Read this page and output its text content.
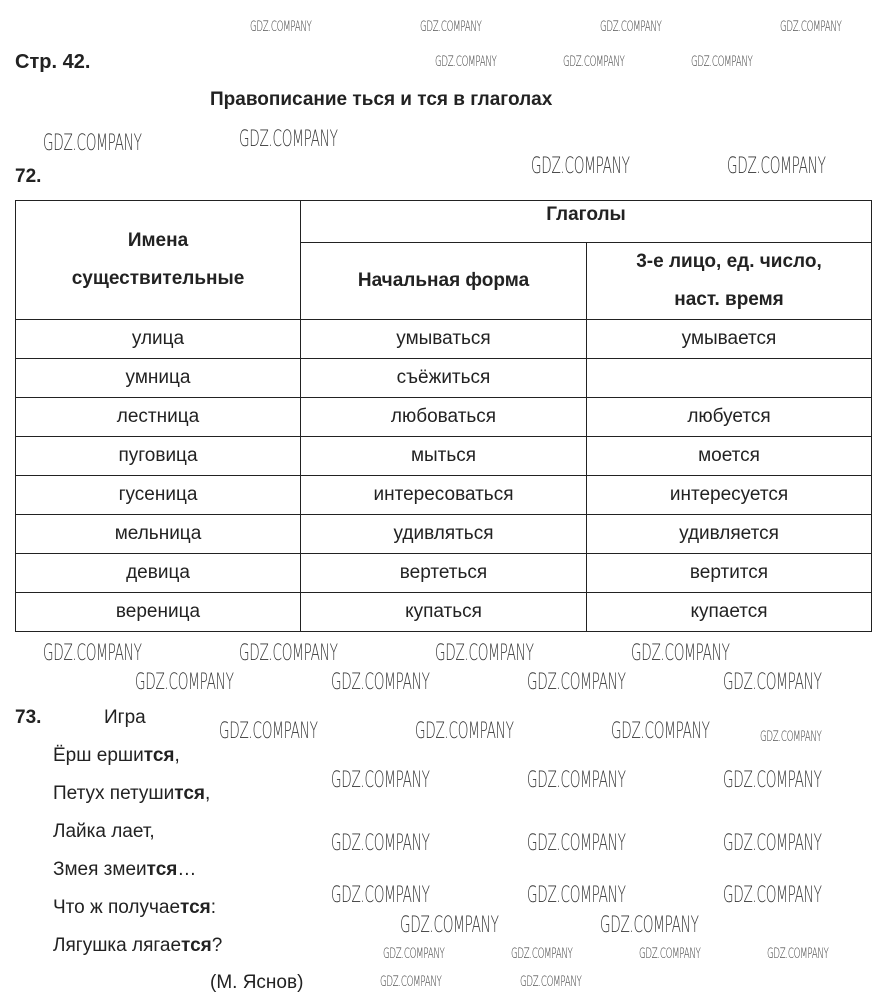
Стр. 42.
Правописание ться и тся в глаголах
72.
Имена существительные	Глаголы	
	Начальная форма	3-е лицо, ед. число, наст. время
улица	умываться	умывается
умница	съёжиться	
лестница	любоваться	любуется
пуговица	мыться	моется
гусеница	интересоваться	интересуется
мельница	удивляться	удивляется
девица	вертеться	вертится
вереница	купаться	купается
73.	Игра
Ёрш ершится,
Петух петушится,
Лайка лает,
Змея змеится…
Что ж получается:
Лягушка лягается?
(М. Яснов)
GDZ.COMPANY	GDZ.COMPANY
GDZ.COMPANY	GDZ.COMPANY
GDZ.COMPANY	GDZ.COMPANY	GDZ.COMPANY	GDZ.COMPANY
GDZ.COMPANY	GDZ.COMPANY	GDZ.COMPANY	GDZ.COMPANY
GDZ.COMPANY	GDZ.COMPANY	GDZ.COMPANY
GDZ.COMPANY	GDZ.COMPANY	GDZ.COMPANY
GDZ.COMPANY	GDZ.COMPANY	GDZ.COMPANY
GDZ.COMPANY	GDZ.COMPANY	GDZ.COMPANY
GDZ.COMPANY	GDZ.COMPANY
GDZ.COMPANY	GDZ.COMPANY	GDZ.COMPANY
GDZ.COMPANY	GDZ.COMPANY	GDZ.COMPANY	GDZ.COMPANY
GDZ.COMPANY
GDZ.COMPANY	GDZ.COMPANY
GDZ.COMPANY	GDZ.COMPANY	GDZ.COMPANY	GDZ.COMPANY
